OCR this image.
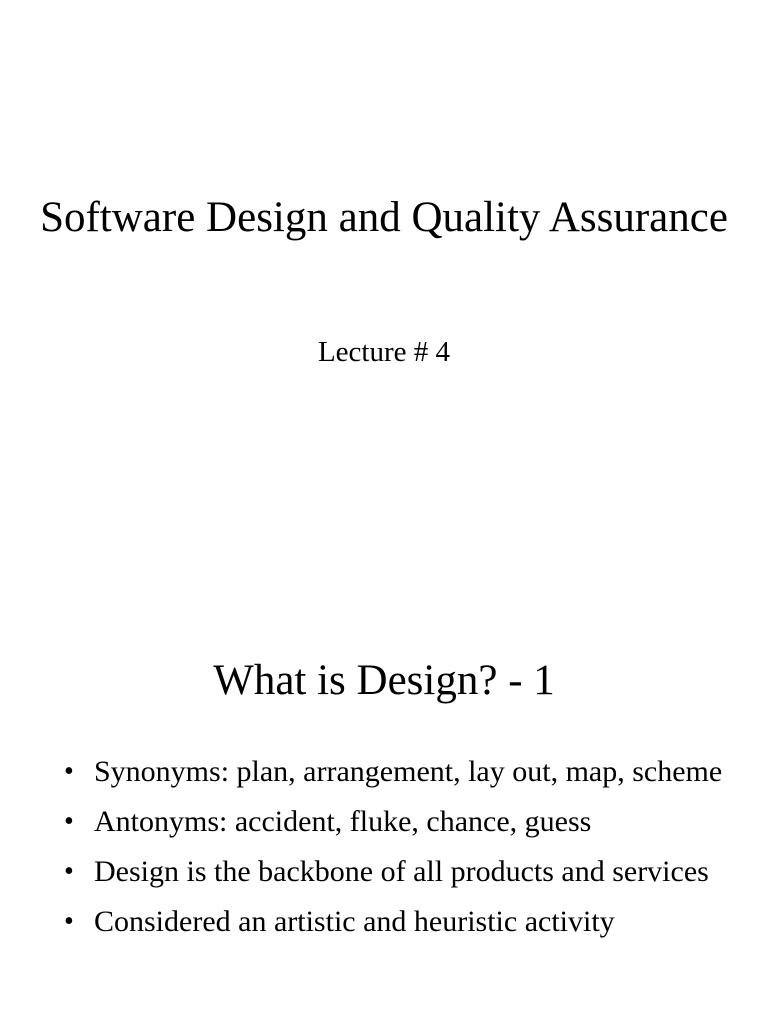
Software Design and Quality Assurance

Lecture # 4

What is Design? - 1
• Synonyms: plan, arrangement, lay out, map, scheme
• Antonyms: accident, fluke, chance, guess
• Design is the backbone of all products and services
• Considered an artistic and heuristic activity
